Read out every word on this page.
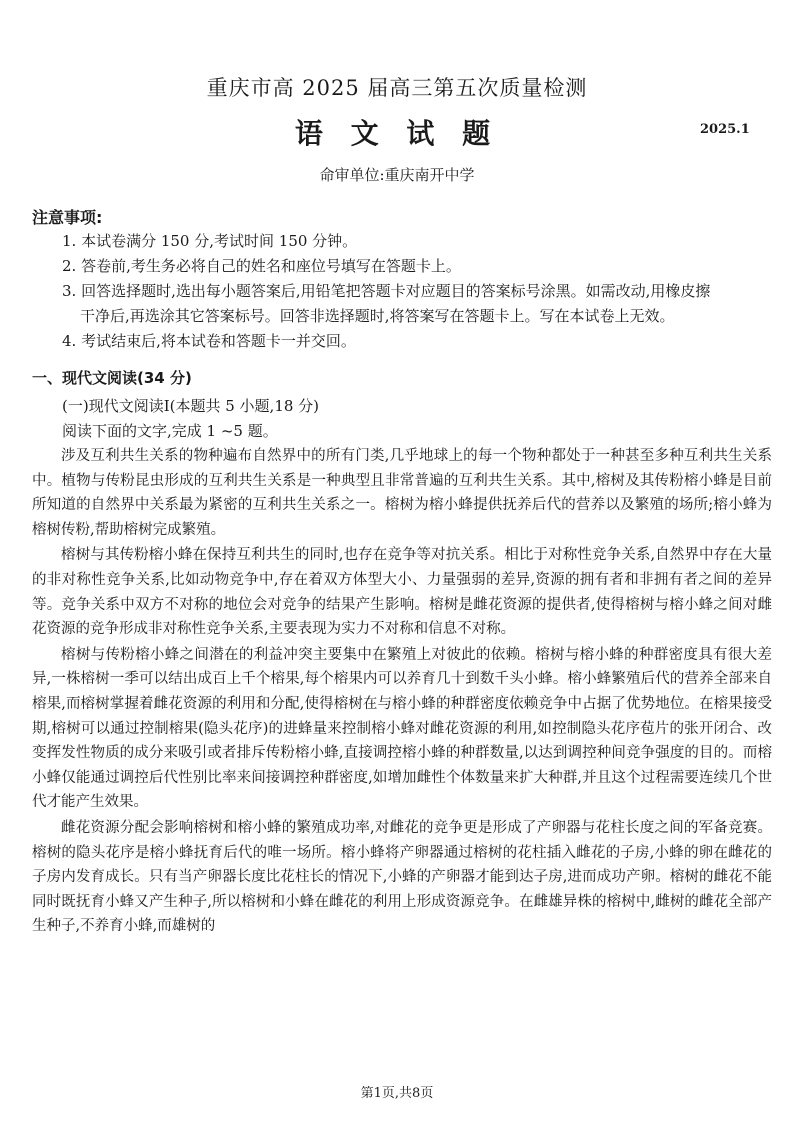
重庆市高 2025 届高三第五次质量检测
语 文 试 题	2025.1
命审单位:重庆南开中学
注意事项:
1. 本试卷满分 150 分,考试时间 150 分钟。
2. 答卷前,考生务必将自己的姓名和座位号填写在答题卡上。
3. 回答选择题时,选出每小题答案后,用铅笔把答题卡对应题目的答案标号涂黑。如需改动,用橡皮擦
干净后,再选涂其它答案标号。回答非选择题时,将答案写在答题卡上。写在本试卷上无效。
4. 考试结束后,将本试卷和答题卡一并交回。
一、现代文阅读(34 分)
(一)现代文阅读Ⅰ(本题共 5 小题,18 分)
阅读下面的文字,完成 1 ~5 题。

涉及互利共生关系的物种遍布自然界中的所有门类,几乎地球上的每一个物种都处于一种甚至多种互利共生关系中。植物与传粉昆虫形成的互利共生关系是一种典型且非常普遍的互利共生关系。其中,榕树及其传粉榕小蜂是目前所知道的自然界中关系最为紧密的互利共生关系之一。榕树为榕小蜂提供抚养后代的营养以及繁殖的场所;榕小蜂为榕树传粉,帮助榕树完成繁殖。

榕树与其传粉榕小蜂在保持互利共生的同时,也存在竞争等对抗关系。相比于对称性竞争关系,自然界中存在大量的非对称性竞争关系,比如动物竞争中,存在着双方体型大小、力量强弱的差异,资源的拥有者和非拥有者之间的差异等。竞争关系中双方不对称的地位会对竞争的结果产生影响。榕树是雌花资源的提供者,使得榕树与榕小蜂之间对雌花资源的竞争形成非对称性竞争关系,主要表现为实力不对称和信息不对称。

榕树与传粉榕小蜂之间潜在的利益冲突主要集中在繁殖上对彼此的依赖。榕树与榕小蜂的种群密度具有很大差异,一株榕树一季可以结出成百上千个榕果,每个榕果内可以养育几十到数千头小蜂。榕小蜂繁殖后代的营养全部来自榕果,而榕树掌握着雌花资源的利用和分配,使得榕树在与榕小蜂的种群密度依赖竞争中占据了优势地位。在榕果接受期,榕树可以通过控制榕果(隐头花序)的进蜂量来控制榕小蜂对雌花资源的利用,如控制隐头花序苞片的张开闭合、改变挥发性物质的成分来吸引或者排斥传粉榕小蜂,直接调控榕小蜂的种群数量,以达到调控种间竞争强度的目的。而榕小蜂仅能通过调控后代性别比率来间接调控种群密度,如增加雌性个体数量来扩大种群,并且这个过程需要连续几个世代才能产生效果。

雌花资源分配会影响榕树和榕小蜂的繁殖成功率,对雌花的竞争更是形成了产卵器与花柱长度之间的军备竞赛。榕树的隐头花序是榕小蜂抚育后代的唯一场所。榕小蜂将产卵器通过榕树的花柱插入雌花的子房,小蜂的卵在雌花的子房内发育成长。只有当产卵器长度比花柱长的情况下,小蜂的产卵器才能到达子房,进而成功产卵。榕树的雌花不能同时既抚育小蜂又产生种子,所以榕树和小蜂在雌花的利用上形成资源竞争。在雌雄异株的榕树中,雌树的雌花全部产生种子,不养育小蜂,而雄树的

第1页,共8页
